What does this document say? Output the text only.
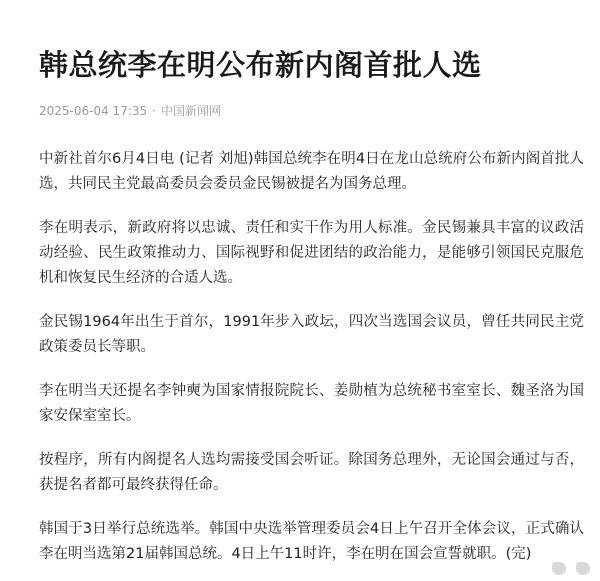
韩总统李在明公布新内阁首批人选
2025-06-04 17:35 · 中国新闻网

中新社首尔6月4日电 (记者 刘旭)韩国总统李在明4日在龙山总统府公布新内阁首批人选，共同民主党最高委员会委员金民锡被提名为国务总理。

李在明表示，新政府将以忠诚、责任和实干作为用人标准。金民锡兼具丰富的议政活动经验、民生政策推动力、国际视野和促进团结的政治能力，是能够引领国民克服危机和恢复民生经济的合适人选。

金民锡1964年出生于首尔，1991年步入政坛，四次当选国会议员，曾任共同民主党政策委员长等职。

李在明当天还提名李钟奭为国家情报院院长、姜勋植为总统秘书室室长、魏圣洛为国家安保室室长。

按程序，所有内阁提名人选均需接受国会听证。除国务总理外，无论国会通过与否，获提名者都可最终获得任命。

韩国于3日举行总统选举。韩国中央选举管理委员会4日上午召开全体会议，正式确认李在明当选第21届韩国总统。4日上午11时许，李在明在国会宣誓就职。(完)
